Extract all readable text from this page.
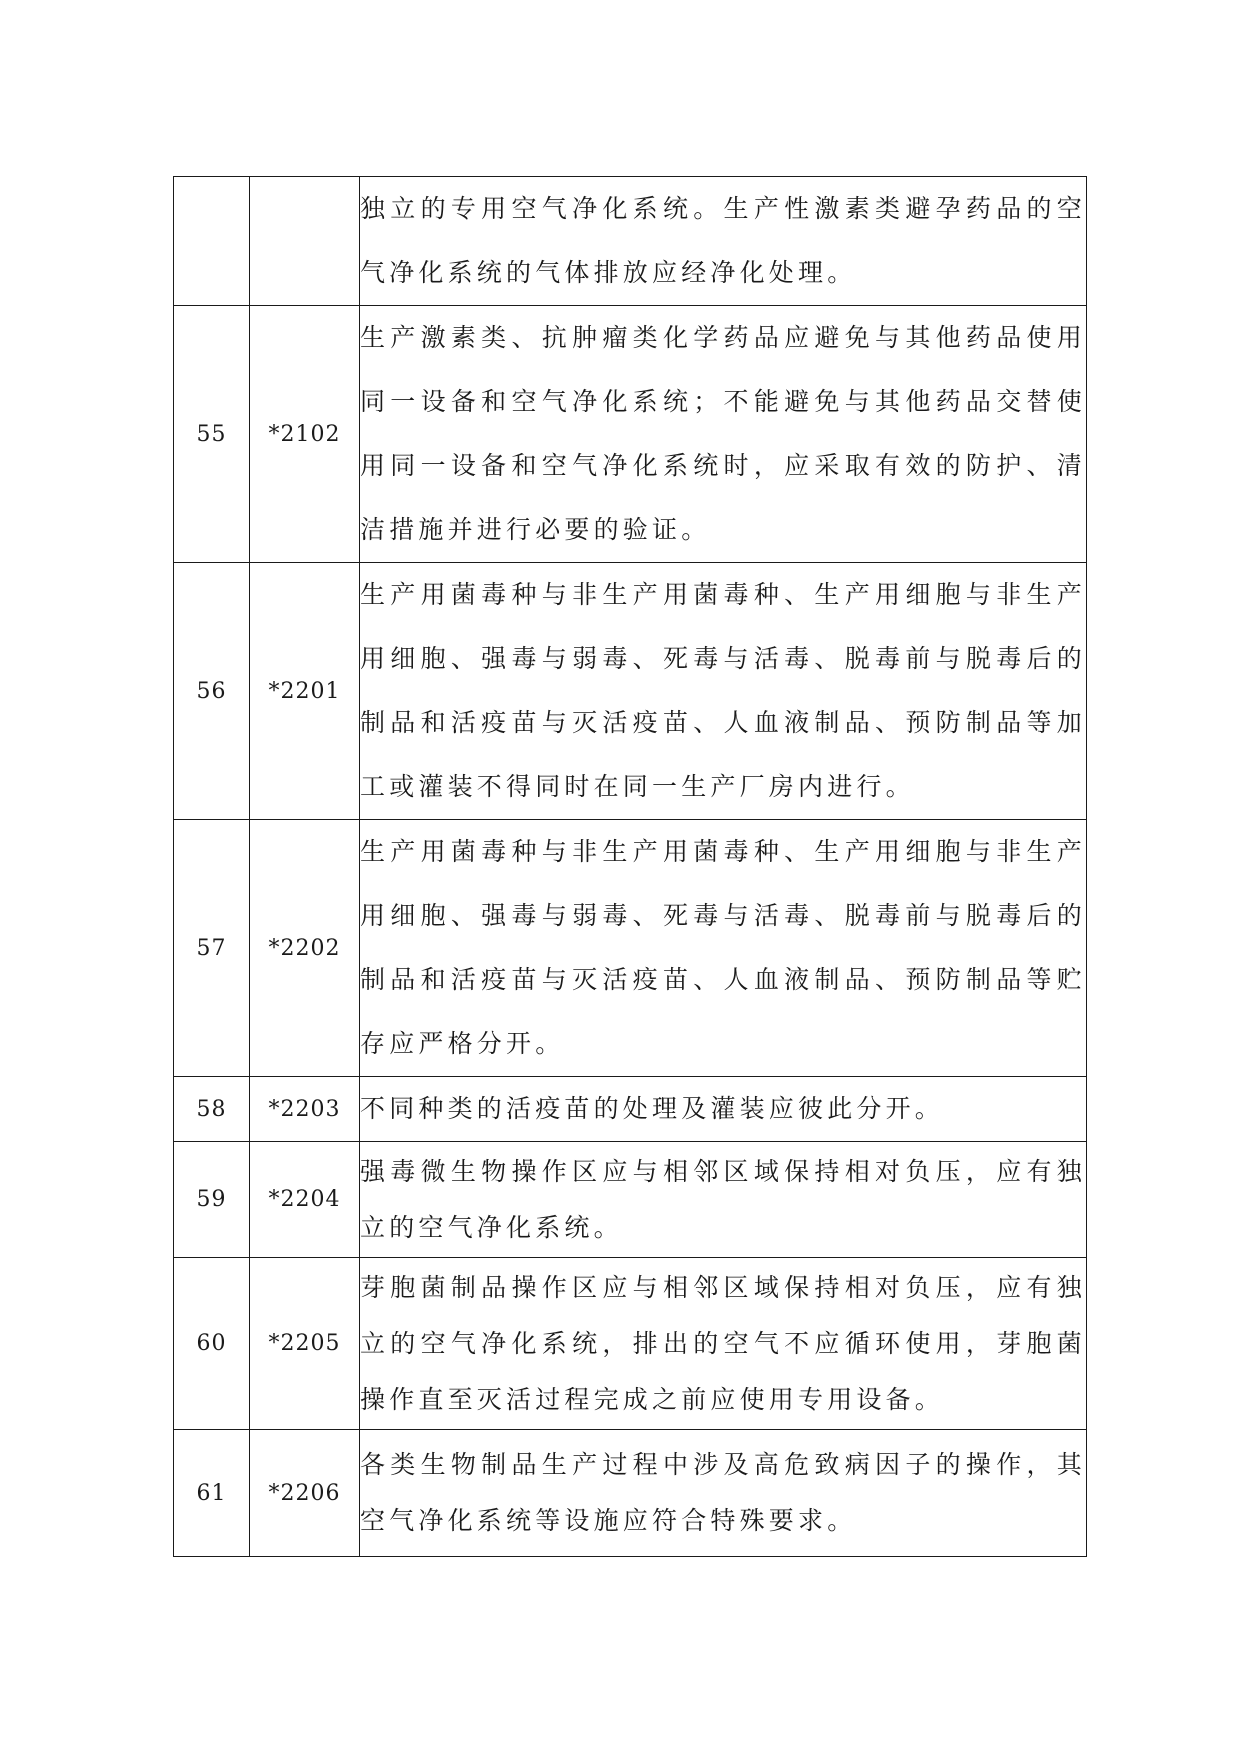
		独立的专用空气净化系统。生产性激素类避孕药品的空气净化系统的气体排放应经净化处理。
55	*2102	生产激素类、抗肿瘤类化学药品应避免与其他药品使用同一设备和空气净化系统；不能避免与其他药品交替使用同一设备和空气净化系统时，应采取有效的防护、清洁措施并进行必要的验证。
56	*2201	生产用菌毒种与非生产用菌毒种、生产用细胞与非生产用细胞、强毒与弱毒、死毒与活毒、脱毒前与脱毒后的制品和活疫苗与灭活疫苗、人血液制品、预防制品等加工或灌装不得同时在同一生产厂房内进行。
57	*2202	生产用菌毒种与非生产用菌毒种、生产用细胞与非生产用细胞、强毒与弱毒、死毒与活毒、脱毒前与脱毒后的制品和活疫苗与灭活疫苗、人血液制品、预防制品等贮存应严格分开。
58	*2203	不同种类的活疫苗的处理及灌装应彼此分开。
59	*2204	强毒微生物操作区应与相邻区域保持相对负压，应有独立的空气净化系统。
60	*2205	芽胞菌制品操作区应与相邻区域保持相对负压，应有独立的空气净化系统，排出的空气不应循环使用，芽胞菌操作直至灭活过程完成之前应使用专用设备。
61	*2206	各类生物制品生产过程中涉及高危致病因子的操作，其空气净化系统等设施应符合特殊要求。
